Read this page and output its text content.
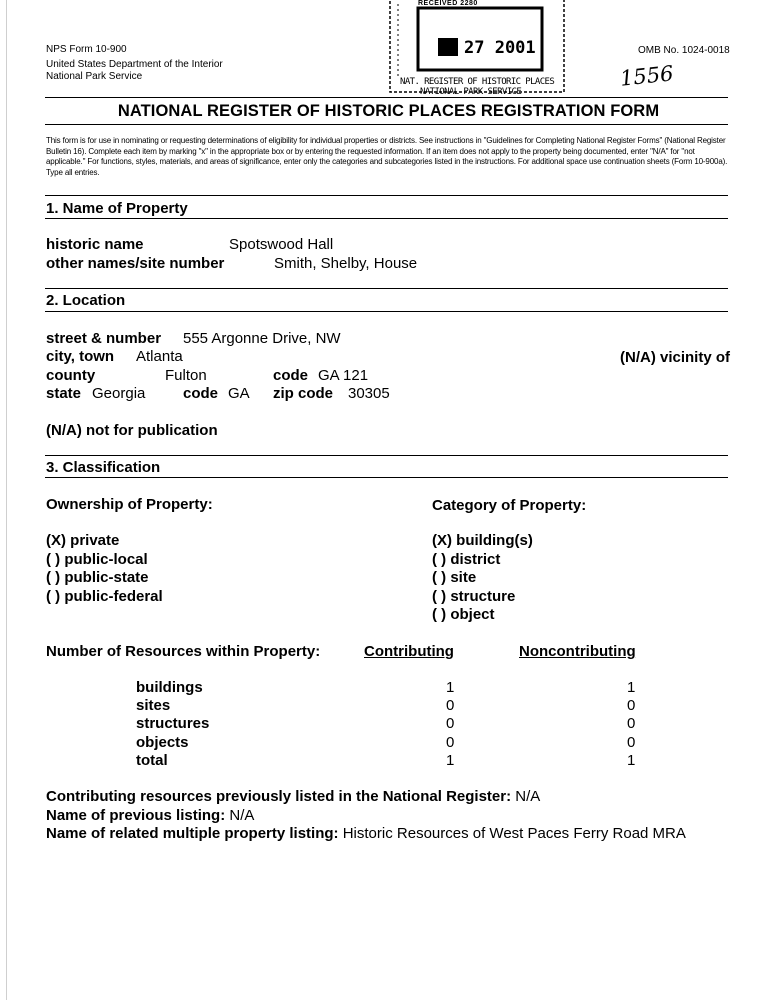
NPS Form 10-900
United States Department of the Interior
National Park Service
OMB No. 1024-0018
1556
RECEIVED 2280
27 2001
NAT. REGISTER OF HISTORIC PLACES
NATIONAL PARK SERVICE
NATIONAL REGISTER OF HISTORIC PLACES REGISTRATION FORM
This form is for use in nominating or requesting determinations of eligibility for individual properties or districts. See instructions in "Guidelines for Completing National Register Forms" (National Register Bulletin 16). Complete each item by marking "x" in the appropriate box or by entering the requested information. If an item does not apply to the property being documented, enter "N/A" for "not applicable." For functions, styles, materials, and areas of significance, enter only the categories and subcategories listed in the instructions. For additional space use continuation sheets (Form 10-900a). Type all entries.
1. Name of Property
historic name	Spotswood Hall
other names/site number	Smith, Shelby, House
2. Location
street & number 555 Argonne Drive, NW
city, town Atlanta	(N/A) vicinity of
county	Fulton	code GA 121
state Georgia	code GA zip code 30305
(N/A) not for publication
3. Classification
Ownership of Property:	Category of Property:
(X) private
( ) public-local
( ) public-state
( ) public-federal
(X) building(s)
( ) district
( ) site
( ) structure
( ) object
Number of Resources within Property:	Contributing	Noncontributing
buildings	1	1
sites	0	0
structures	0	0
objects	0	0
total	1	1
Contributing resources previously listed in the National Register: N/A
Name of previous listing: N/A
Name of related multiple property listing: Historic Resources of West Paces Ferry Road MRA
